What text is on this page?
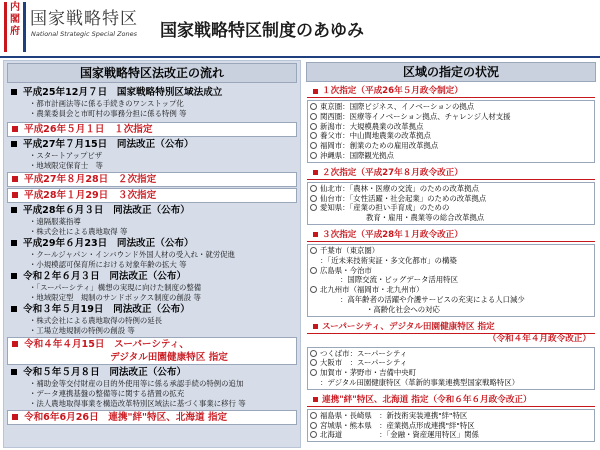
内閣府
国家戦略特区
National Strategic Special Zones 国家戦略特区制度のあゆみ
国家戦略特区法改正の流れ
平成25年12月７日　国家戦略特別区域法成立
・都市計画法等に係る手続きのワンストップ化
・農業委員会と市町村の事務分担に係る特例 等
平成26年５月１日　１次指定
平成27年７月15日　同法改正（公布）
・スタートアップビザ
・地域限定保育士　等
平成27年８月28日　２次指定
平成28年１月29日　３次指定
平成28年６月３日　同法改正（公布）
・遠隔服薬指導
・株式会社による農地取得 等
平成29年６月23日　同法改正（公布）
・クールジャパン・インバウンド外国人材の受入れ・就労促進
・小規模認可保育所における対象年齢の拡大 等
令和２年６月３日　同法改正（公布）
・「スーパーシティ」構想の実現に向けた制度の整備
・地域限定型　規制のサンドボックス制度の創設 等
令和３年５月19日　同法改正（公布）
・株式会社による農地取得の特例の延長
・工場立地規制の特例の創設 等
令和４年４月15日　スーパーシティ、
デジタル田園健康特区 指定
令和５年５月８日　同法改正（公布）
・補助金等交付財産の目的外使用等に係る承認手続の特例の追加
・データ連携基盤の整備等に関する措置の拡充
・法人農地取得事業を構造改革特別区域法に基づく事業に移行 等
令和6年6月26日　連携"絆"特区、北海道 指定
区域の指定の状況
１次指定（平成26年５月政令制定）
東京圏：国際ビジネス、イノベーションの拠点
関西圏：医療等イノベーション拠点、チャレンジ人材支援
新潟市：大規模農業の改革拠点
養父市：中山間地農業の改革拠点
福岡市：創業のための雇用改革拠点
沖縄県：国際観光拠点
２次指定（平成27年８月政令改正）
仙北市：「農林・医療の交流」のための改革拠点
仙台市：「女性活躍・社会起業」のための改革拠点
愛知県：「産業の担い手育成」のための
教育・雇用・農業等の総合改革拠点
３次指定（平成28年１月政令改正）
千葉市（東京圏）
：「近未来技術実証・多文化都市」の構築
広島県・今治市
：国際交流・ビッグデータ活用特区
北九州市（福岡市・北九州市）
：高年齢者の活躍や介護サービスの充実による人口減少
・高齢化社会への対応
スーパーシティ、デジタル田園健康特区 指定
（令和４年４月政令改正）
つくば市：スーパーシティ
大阪市　：スーパーシティ
加賀市・茅野市・吉備中央町
：デジタル田園健康特区（革新的事業連携型国家戦略特区）
連携"絆"特区、北海道 指定（令和６年６月政令改正）
福島県・長崎県　：新技術実装連携"絆"特区
宮城県・熊本県　：産業拠点形成連携"絆"特区
北海道　　　　　：「金融・資産運用特区」関係
